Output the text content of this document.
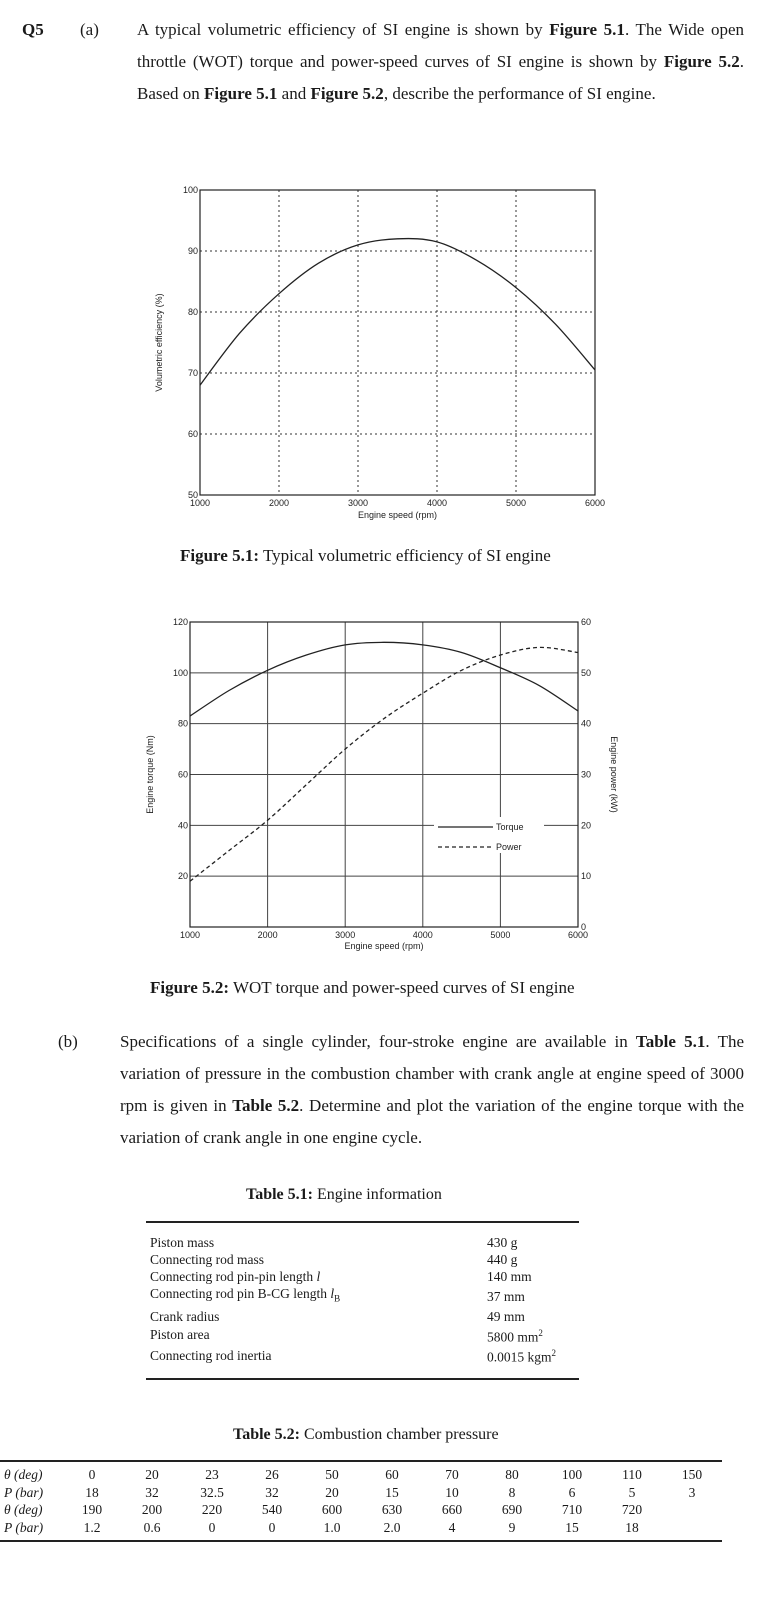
Q5 (a) A typical volumetric efficiency of SI engine is shown by Figure 5.1. The Wide open throttle (WOT) torque and power-speed curves of SI engine is shown by Figure 5.2. Based on Figure 5.1 and Figure 5.2, describe the performance of SI engine.
1000	2000	3000	4000	5000	6000
50
60
70
80
90
100
Engine speed (rpm)
Volumetric efficiency (%)
Figure 5.1: Typical volumetric efficiency of SI engine
1000	2000	3000	4000	5000	6000
20
40
60
80
100
120
0
10
20
30
40
50
60
Torque
Power
Engine speed (rpm)
Engine torque (Nm)	Engine power (kW)
Figure 5.2: WOT torque and power-speed curves of SI engine
(b) Specifications of a single cylinder, four-stroke engine are available in Table 5.1. The variation of pressure in the combustion chamber with crank angle at engine speed of 3000 rpm is given in Table 5.2. Determine and plot the variation of the engine torque with the variation of crank angle in one engine cycle.
Table 5.1: Engine information
Piston mass	430 g
Connecting rod mass	440 g
Connecting rod pin-pin length l	140 mm
Connecting rod pin B-CG length $l_B$	37 mm
Crank radius	49 mm
Piston area	5800 $mm^2$
Connecting rod inertia	0.0015 kgm$^2$
Table 5.2: Combustion chamber pressure
θ (deg)	0	20	23	26	50	60	70	80	100	110	150
P (bar)	18	32	32.5	32	20	15	10	8	6	5	3
θ (deg)	190	200	220	540	600	630	660	690	710	720	
P (bar)	1.2	0.6	0	0	1.0	2.0	4	9	15	18	
